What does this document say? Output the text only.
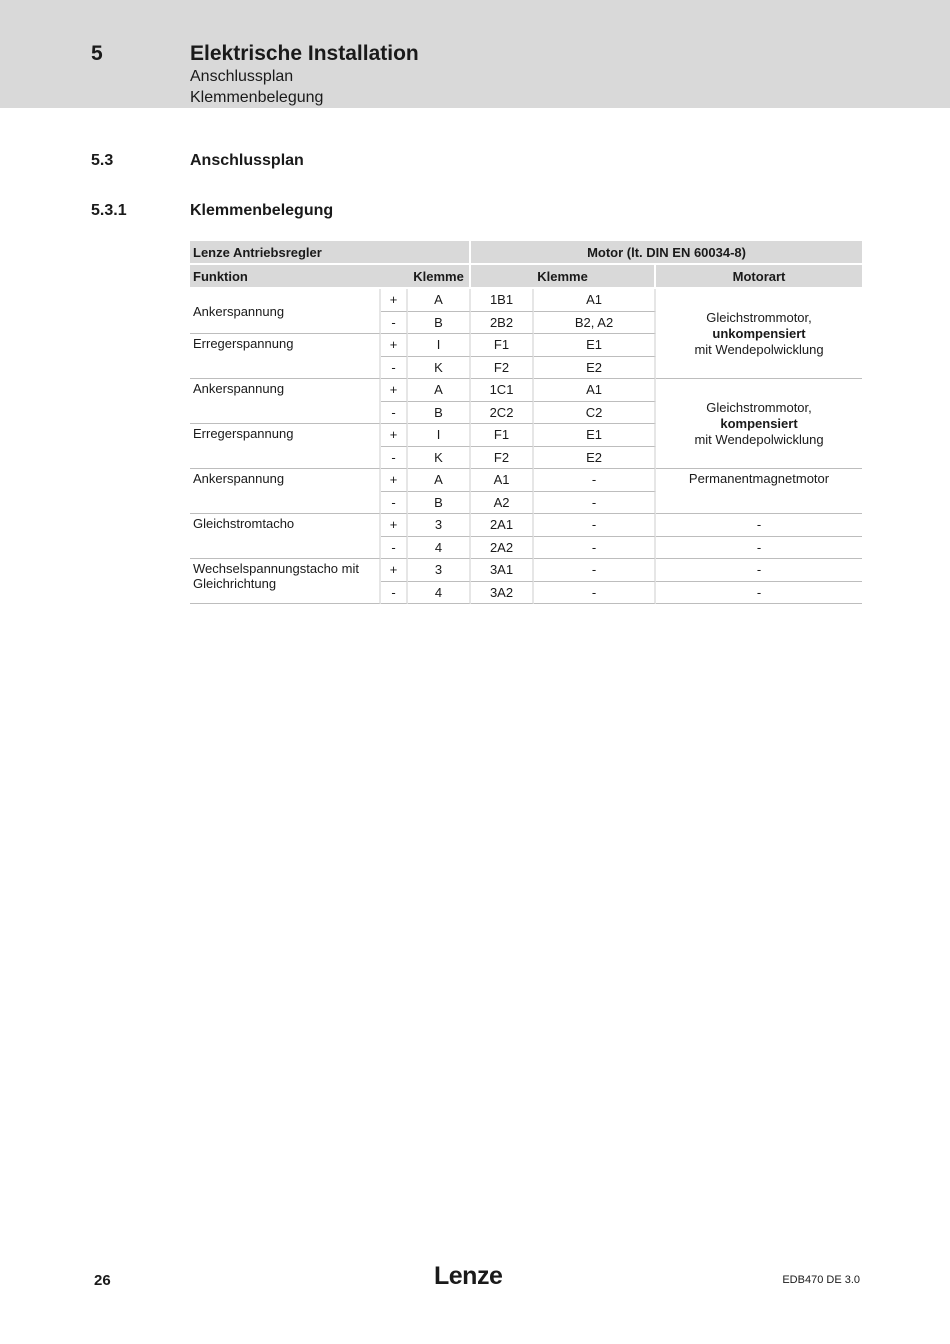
5	Elektrische Installation
Anschlussplan
Klemmenbelegung
5.3	Anschlussplan
5.3.1	Klemmenbelegung
Lenze Antriebsregler			Motor (lt. DIN EN 60034-8)		
Funktion		Klemme	Klemme		Motorart
Ankerspannung	+	A	1B1	A1	Gleichstrommotor,
unkompensiert
mit Wendepolwicklung
	-	B	2B2	B2, A2	
Erregerspannung	+	I	F1	E1	
	-	K	F2	E2	
Ankerspannung	+	A	1C1	A1	Gleichstrommotor,
kompensiert
mit Wendepolwicklung
	-	B	2C2	C2	
Erregerspannung	+	I	F1	E1	
	-	K	F2	E2	
Ankerspannung	+	A	A1	-	Permanentmagnetmotor
	-	B	A2	-	
Gleichstromtacho	+	3	2A1	-	-
	-	4	2A2	-	-
Wechselspannungstacho mit Gleichrichtung	+	3	3A1	-	-
	-	4	3A2	-	-
26	Lenze	EDB470 DE 3.0
